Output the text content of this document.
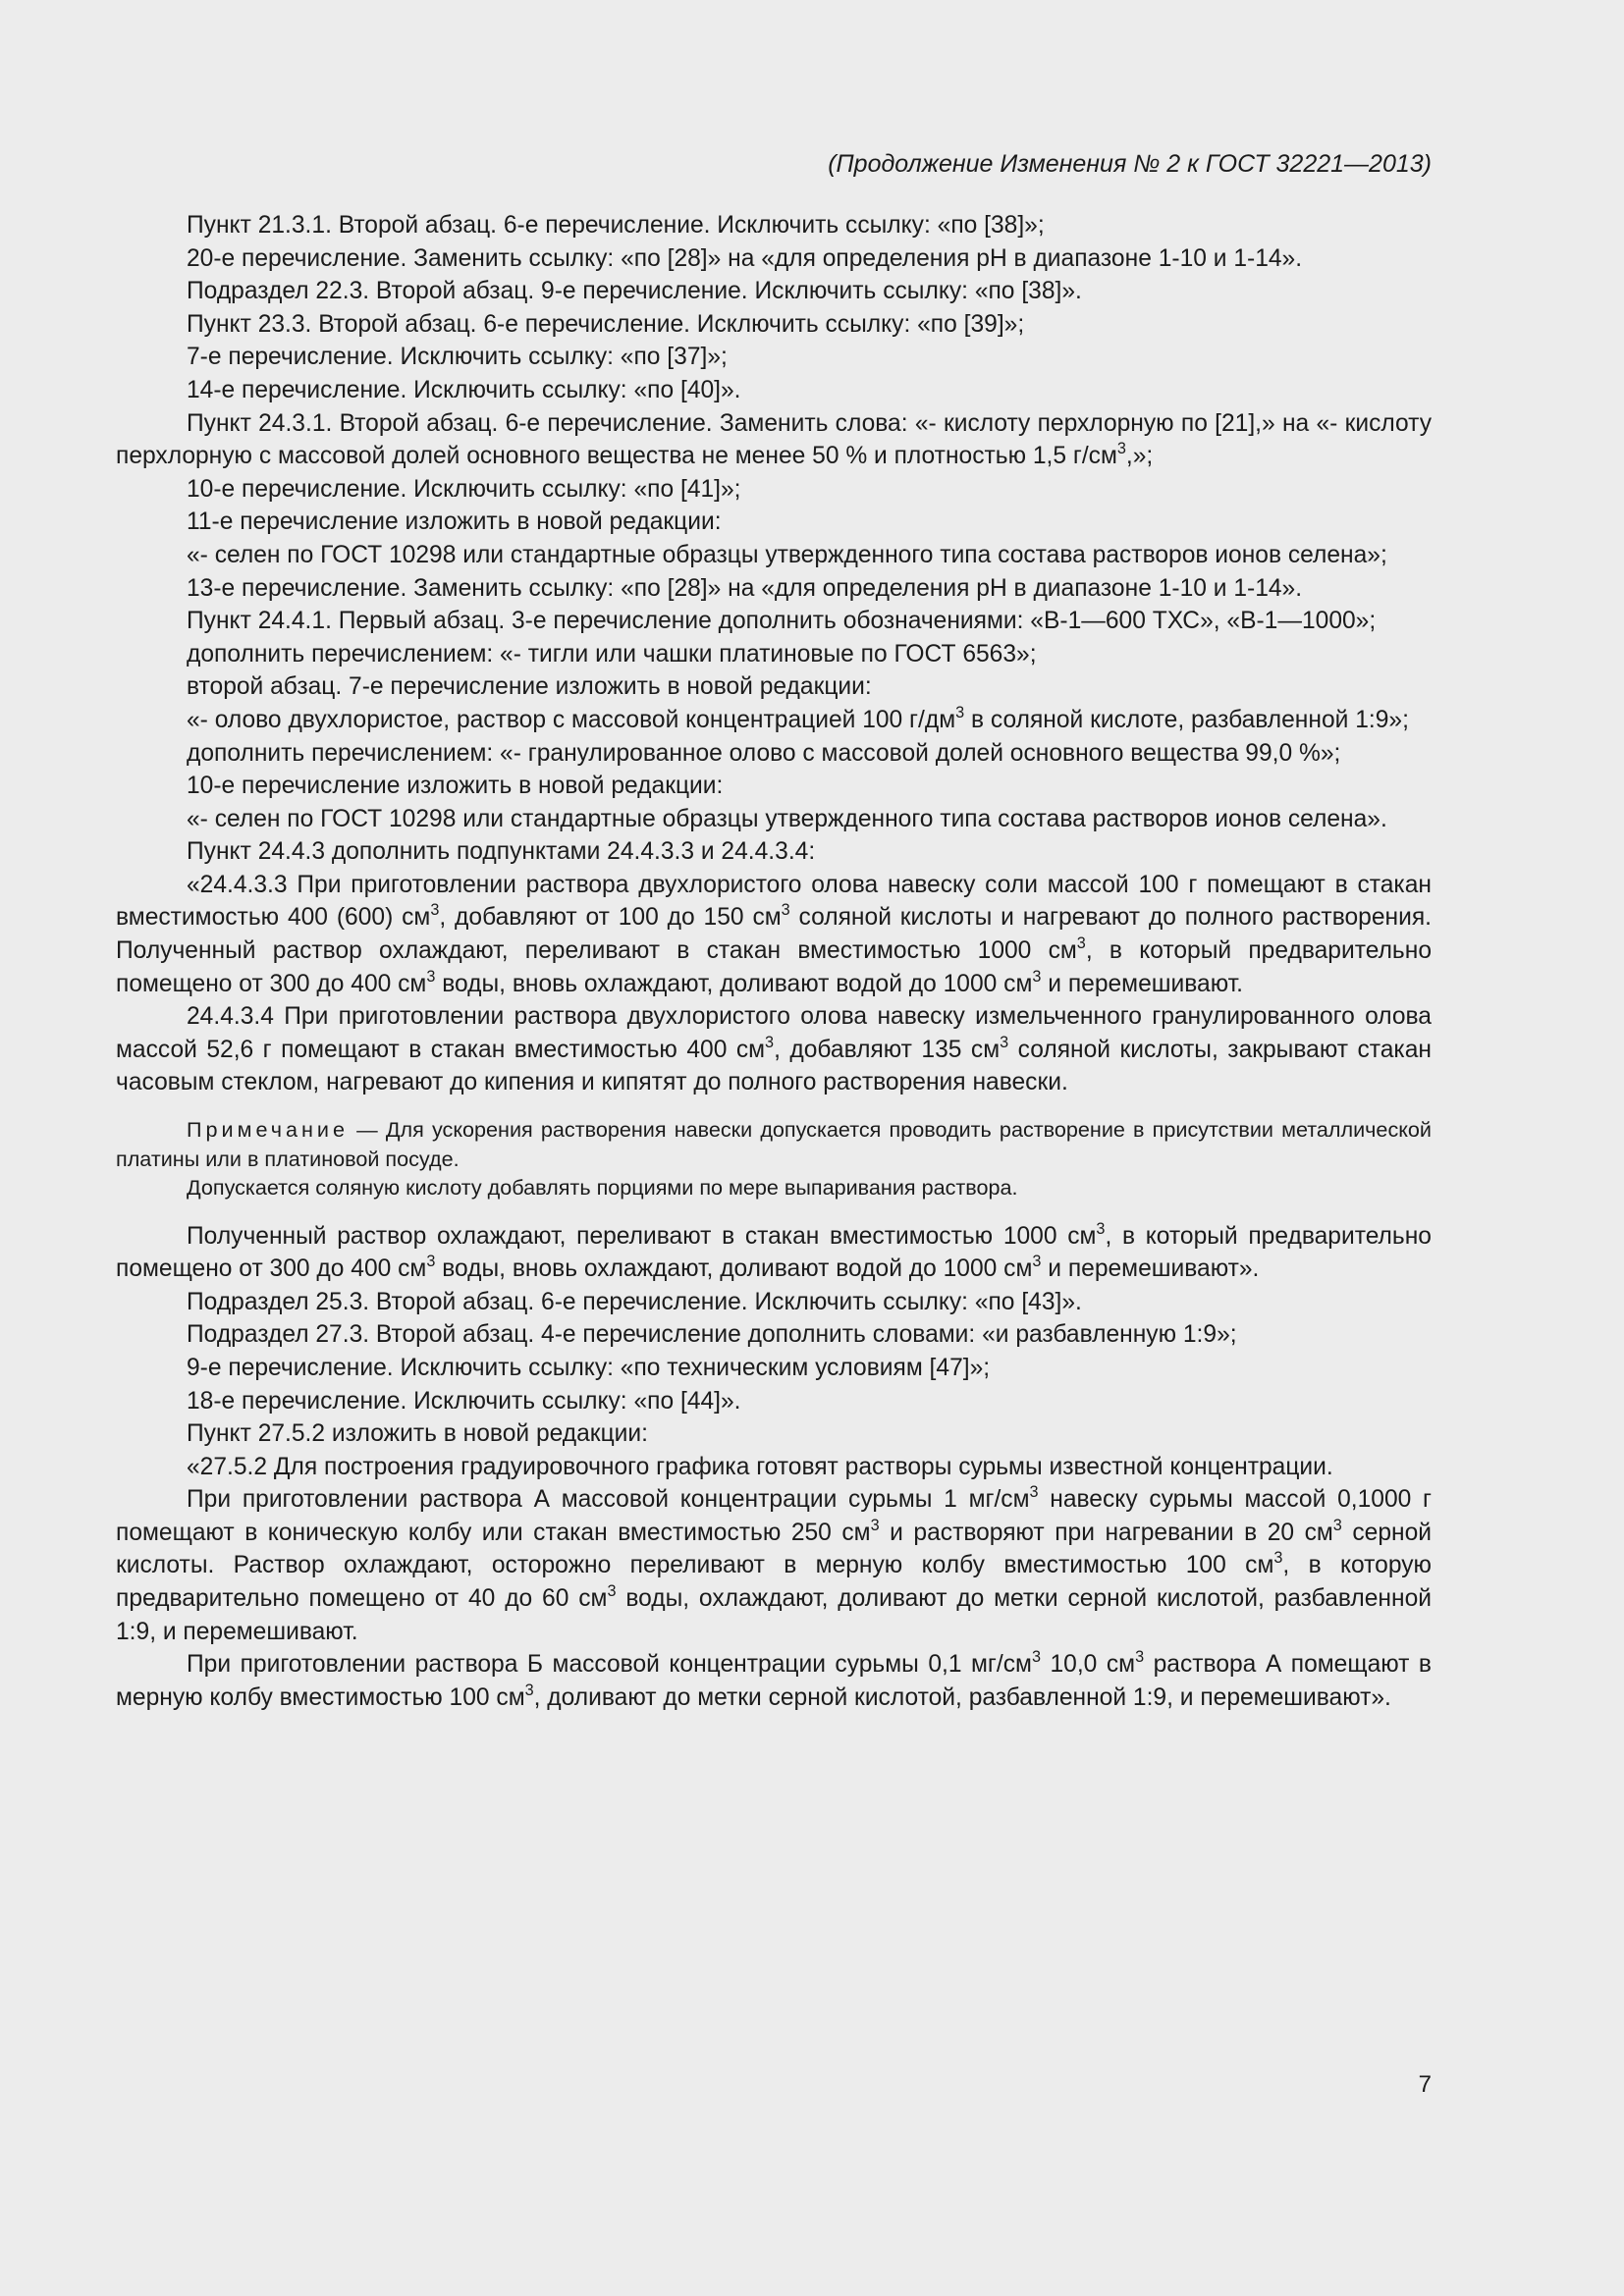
(Продолжение Изменения № 2 к ГОСТ 32221—2013)

Пункт 21.3.1. Второй абзац. 6-е перечисление. Исключить ссылку: «по [38]»;

20-е перечисление. Заменить ссылку: «по [28]» на «для определения pH в диапазоне 1-10 и 1-14».

Подраздел 22.3. Второй абзац. 9-е перечисление. Исключить ссылку: «по [38]».

Пункт 23.3. Второй абзац. 6-е перечисление. Исключить ссылку: «по [39]»;

7-е перечисление. Исключить ссылку: «по [37]»;

14-е перечисление. Исключить ссылку: «по [40]».

Пункт 24.3.1. Второй абзац. 6-е перечисление. Заменить слова: «- кислоту перхлорную по [21],» на «- кислоту перхлорную с массовой долей основного вещества не менее 50 % и плотностью 1,5 $г/см^3$,»;

10-е перечисление. Исключить ссылку: «по [41]»;

11-е перечисление изложить в новой редакции:

«- селен по ГОСТ 10298 или стандартные образцы утвержденного типа состава растворов ионов селена»;

13-е перечисление. Заменить ссылку: «по [28]» на «для определения pH в диапазоне 1-10 и 1-14».

Пункт 24.4.1. Первый абзац. 3-е перечисление дополнить обозначениями: «В-1—600 ТХС», «В-1—1000»;

дополнить перечислением: «- тигли или чашки платиновые по ГОСТ 6563»;

второй абзац. 7-е перечисление изложить в новой редакции:

«- олово двухлористое, раствор с массовой концентрацией 100 $г/дм^3$ в соляной кислоте, разбавленной 1:9»;

дополнить перечислением: «- гранулированное олово с массовой долей основного вещества 99,0 %»;

10-е перечисление изложить в новой редакции:

«- селен по ГОСТ 10298 или стандартные образцы утвержденного типа состава растворов ионов селена».

Пункт 24.4.3 дополнить подпунктами 24.4.3.3 и 24.4.3.4:

«24.4.3.3 При приготовлении раствора двухлористого олова навеску соли массой 100 г помещают в стакан вместимостью 400 (600) $см^3$, добавляют от 100 до 150 $см^3$ соляной кислоты и нагревают до полного растворения. Полученный раствор охлаждают, переливают в стакан вместимостью 1000 $см^3$, в который предварительно помещено от 300 до 400 $см^3$ воды, вновь охлаждают, доливают водой до 1000 $см^3$ и перемешивают.

24.4.3.4 При приготовлении раствора двухлористого олова навеску измельченного гранулированного олова массой 52,6 г помещают в стакан вместимостью 400 $см^3$, добавляют 135 $см^3$ соляной кислоты, закрывают стакан часовым стеклом, нагревают до кипения и кипятят до полного растворения навески.

Примечание — Для ускорения растворения навески допускается проводить растворение в присутствии металлической платины или в платиновой посуде.

Допускается соляную кислоту добавлять порциями по мере выпаривания раствора.

Полученный раствор охлаждают, переливают в стакан вместимостью 1000 $см^3$, в который предварительно помещено от 300 до 400 $см^3$ воды, вновь охлаждают, доливают водой до 1000 $см^3$ и перемешивают».

Подраздел 25.3. Второй абзац. 6-е перечисление. Исключить ссылку: «по [43]».

Подраздел 27.3. Второй абзац. 4-е перечисление дополнить словами: «и разбавленную 1:9»;

9-е перечисление. Исключить ссылку: «по техническим условиям [47]»;

18-е перечисление. Исключить ссылку: «по [44]».

Пункт 27.5.2 изложить в новой редакции:

«27.5.2 Для построения градуировочного графика готовят растворы сурьмы известной концентрации.

При приготовлении раствора А массовой концентрации сурьмы 1 $мг/см^3$ навеску сурьмы массой 0,1000 г помещают в коническую колбу или стакан вместимостью 250 $см^3$ и растворяют при нагревании в 20 $см^3$ серной кислоты. Раствор охлаждают, осторожно переливают в мерную колбу вместимостью 100 $см^3$, в которую предварительно помещено от 40 до 60 $см^3$ воды, охлаждают, доливают до метки серной кислотой, разбавленной 1:9, и перемешивают.

При приготовлении раствора Б массовой концентрации сурьмы 0,1 $мг/см^3$ 10,0 $см^3$ раствора А помещают в мерную колбу вместимостью 100 $см^3$, доливают до метки серной кислотой, разбавленной 1:9, и перемешивают».

7
